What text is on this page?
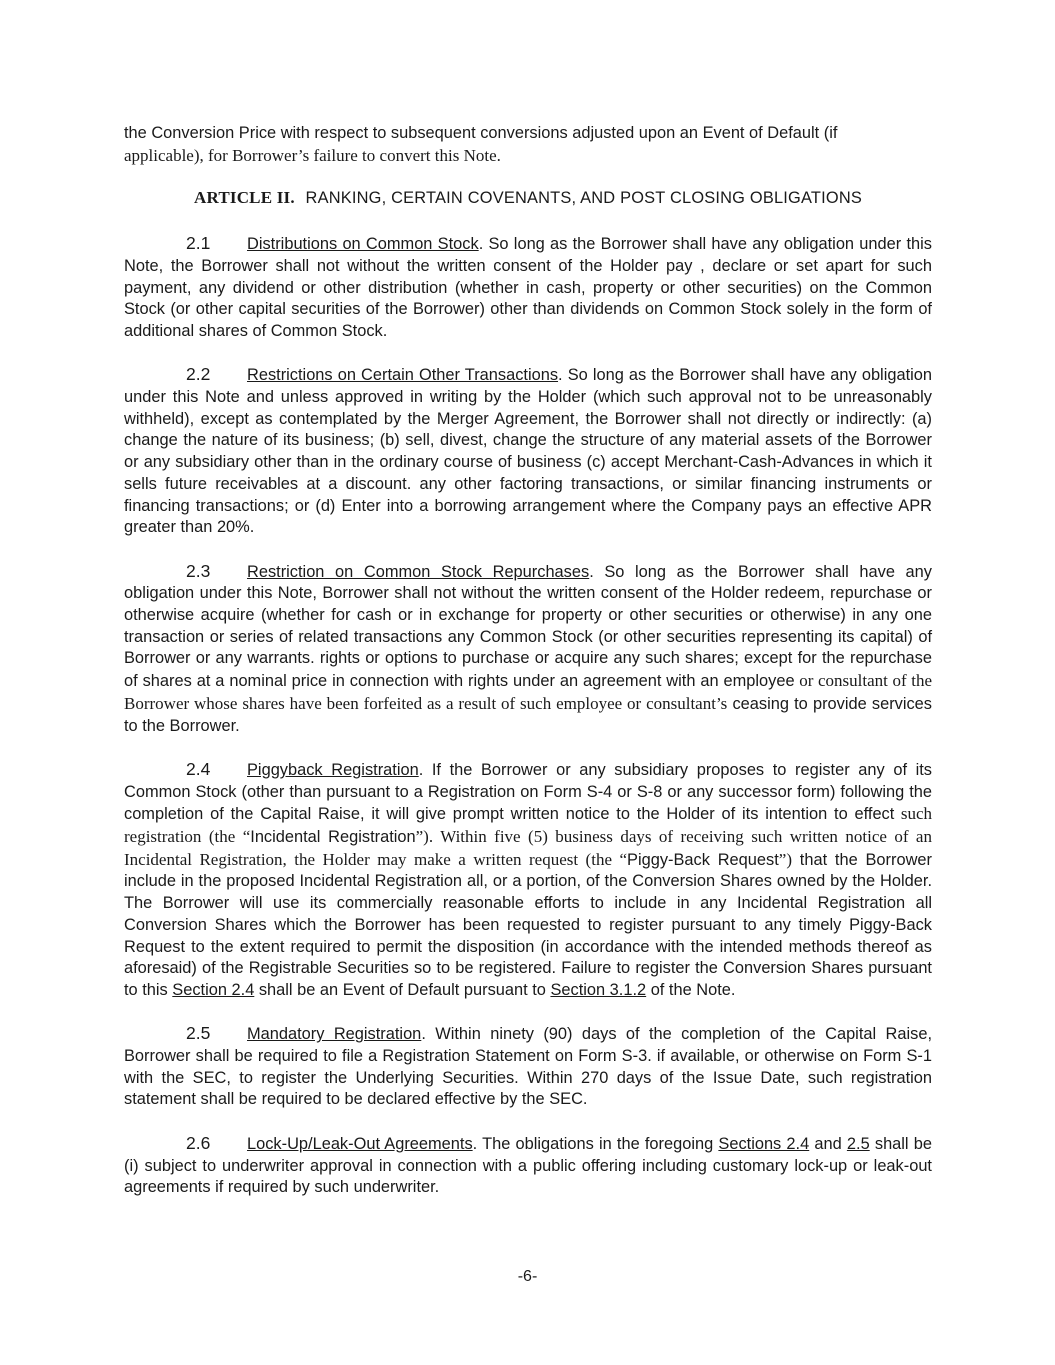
the Conversion Price with respect to subsequent conversions adjusted upon an Event of Default (if
applicable), for Borrower’s failure to convert this Note.

ARTICLE II. RANKING, CERTAIN COVENANTS, AND POST CLOSING OBLIGATIONS

2.1 Distributions on Common Stock. So long as the Borrower shall have any obligation under this Note, the Borrower shall not without the written consent of the Holder pay , declare or set apart for such payment, any dividend or other distribution (whether in cash, property or other securities) on the Common Stock (or other capital securities of the Borrower) other than dividends on Common Stock solely in the form of additional shares of Common Stock.

2.2 Restrictions on Certain Other Transactions. So long as the Borrower shall have any obligation under this Note and unless approved in writing by the Holder (which such approval not to be unreasonably withheld), except as contemplated by the Merger Agreement, the Borrower shall not directly or indirectly: (a) change the nature of its business; (b) sell, divest, change the structure of any material assets of the Borrower or any subsidiary other than in the ordinary course of business (c) accept Merchant-Cash-Advances in which it sells future receivables at a discount. any other factoring transactions, or similar financing instruments or financing transactions; or (d) Enter into a borrowing arrangement where the Company pays an effective APR greater than 20%.

2.3 Restriction on Common Stock Repurchases. So long as the Borrower shall have any obligation under this Note, Borrower shall not without the written consent of the Holder redeem, repurchase or otherwise acquire (whether for cash or in exchange for property or other securities or otherwise) in any one transaction or series of related transactions any Common Stock (or other securities representing its capital) of Borrower or any warrants. rights or options to purchase or acquire any such shares; except for the repurchase of shares at a nominal price in connection with rights under an agreement with an employee or consultant of the Borrower whose shares have been forfeited as a result of such employee or consultant’s ceasing to provide services to the Borrower.

2.4 Piggyback Registration. If the Borrower or any subsidiary proposes to register any of its Common Stock (other than pursuant to a Registration on Form S-4 or S-8 or any successor form) following the completion of the Capital Raise, it will give prompt written notice to the Holder of its intention to effect such registration (the “Incidental Registration”). Within five (5) business days of receiving such written notice of an Incidental Registration, the Holder may make a written request (the “Piggy-Back Request”) that the Borrower include in the proposed Incidental Registration all, or a portion, of the Conversion Shares owned by the Holder. The Borrower will use its commercially reasonable efforts to include in any Incidental Registration all Conversion Shares which the Borrower has been requested to register pursuant to any timely Piggy-Back Request to the extent required to permit the disposition (in accordance with the intended methods thereof as aforesaid) of the Registrable Securities so to be registered. Failure to register the Conversion Shares pursuant to this Section 2.4 shall be an Event of Default pursuant to Section 3.1.2 of the Note.

2.5 Mandatory Registration. Within ninety (90) days of the completion of the Capital Raise, Borrower shall be required to file a Registration Statement on Form S-3. if available, or otherwise on Form S-1 with the SEC, to register the Underlying Securities. Within 270 days of the Issue Date, such registration statement shall be required to be declared effective by the SEC.

2.6 Lock-Up/Leak-Out Agreements. The obligations in the foregoing Sections 2.4 and 2.5 shall be (i) subject to underwriter approval in connection with a public offering including customary lock-up or leak-out agreements if required by such underwriter.

-6-
